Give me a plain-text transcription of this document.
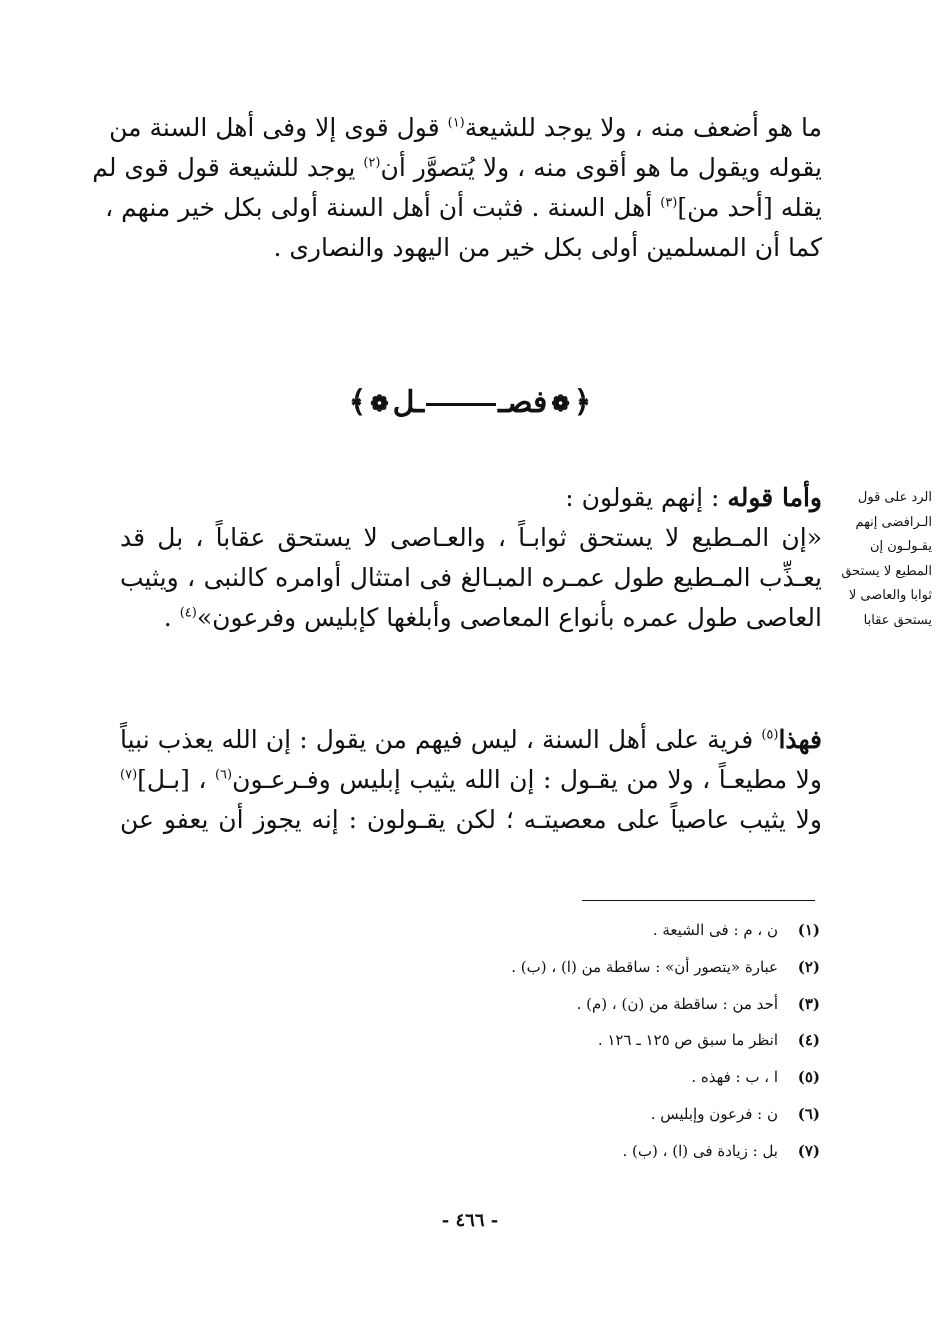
ما هو أضعف منه ، ولا يوجد للشيعة$^{(١)}$ قول قوى إلا وفى أهل السنة من
يقوله ويقول ما هو أقوى منه ، ولا يُتصوَّر أن$^{(٢)}$ يوجد للشيعة قول قوى لم
يقله [أحد من]$^{(٣)}$ أهل السنة . فثبت أن أهل السنة أولى بكل خير منهم ،
كما أن المسلمين أولى بكل خير من اليهود والنصارى .
﴿❁فصــل❁﴾
الرد على قول
الـرافضى إنهم
يقـولـون إن
المطيع لا يستحق
ثوابا والعاصى لا
يستحق عقابا
وأما قوله : إنهم يقولون :
«إن المـطيع لا يستحق ثوابـاً ، والعـاصى لا يستحق عقاباً ، بل قد
يعـذِّب المـطيع طول عمـره المبـالغ فى امتثال أوامره كالنبى ، ويثيب
العاصى طول عمره بأنواع المعاصى وأبلغها كإبليس وفرعون»$^{(٤)}$ .
فهذا$^{(٥)}$ فرية على أهل السنة ، ليس فيهم من يقول : إن الله يعذب نبياً
ولا مطيعـاً ، ولا من يقـول : إن الله يثيب إبليس وفـرعـون$^{(٦)}$ ، [بـل]$^{(٧)}$
ولا يثيب عاصياً على معصيتـه ؛ لكن يقـولون : إنه يجوز أن يعفو عن
(١)ن ، م : فى الشيعة .
(٢)عبارة «يتصور أن» : ساقطة من (ا) ، (ب) .
(٣)أحد من : ساقطة من (ن) ، (م) .
(٤)انظر ما سبق ص ١٢٥ ـ ١٢٦ .
(٥)ا ، ب : فهذه .
(٦)ن : فرعون وإبليس .
(٧)بل : زيادة فى (ا) ، (ب) .
- ٤٦٦ -
